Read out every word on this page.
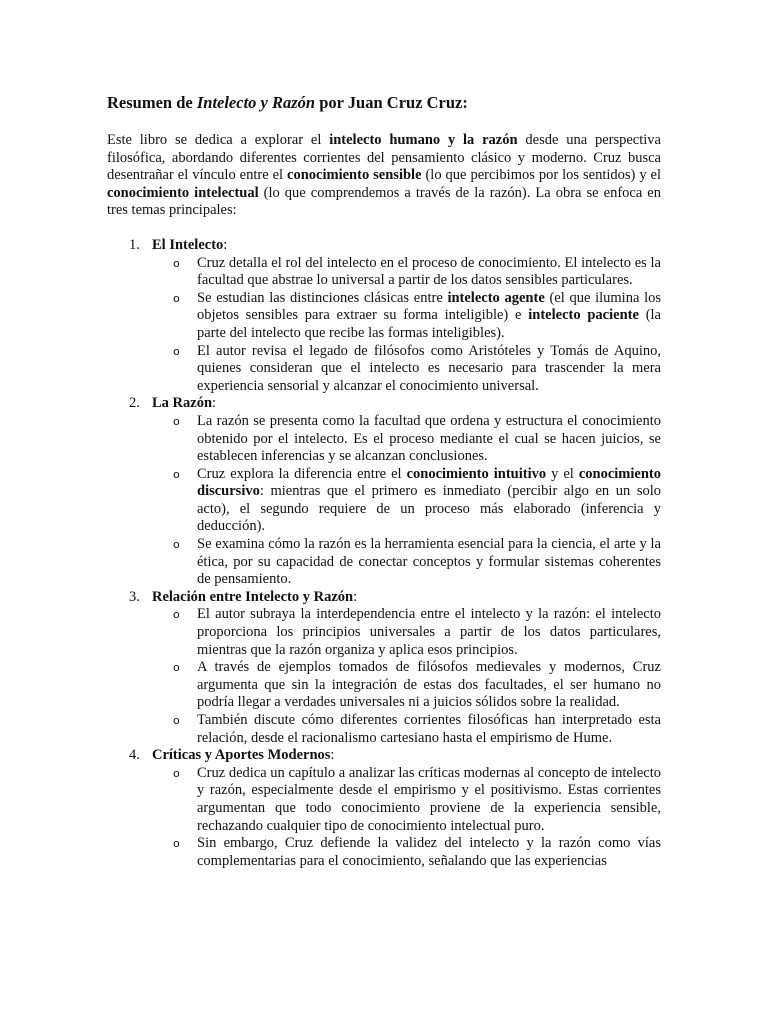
Resumen de Intelecto y Razón por Juan Cruz Cruz:

Este libro se dedica a explorar el intelecto humano y la razón desde una perspectiva filosófica, abordando diferentes corrientes del pensamiento clásico y moderno. Cruz busca desentrañar el vínculo entre el conocimiento sensible (lo que percibimos por los sentidos) y el conocimiento intelectual (lo que comprendemos a través de la razón). La obra se enfoca en tres temas principales:

1. El Intelecto:
o Cruz detalla el rol del intelecto en el proceso de conocimiento. El intelecto es la facultad que abstrae lo universal a partir de los datos sensibles particulares.
o Se estudian las distinciones clásicas entre intelecto agente (el que ilumina los objetos sensibles para extraer su forma inteligible) e intelecto paciente (la parte del intelecto que recibe las formas inteligibles).
o El autor revisa el legado de filósofos como Aristóteles y Tomás de Aquino, quienes consideran que el intelecto es necesario para trascender la mera experiencia sensorial y alcanzar el conocimiento universal.
2. La Razón:
o La razón se presenta como la facultad que ordena y estructura el conocimiento obtenido por el intelecto. Es el proceso mediante el cual se hacen juicios, se establecen inferencias y se alcanzan conclusiones.
o Cruz explora la diferencia entre el conocimiento intuitivo y el conocimiento discursivo: mientras que el primero es inmediato (percibir algo en un solo acto), el segundo requiere de un proceso más elaborado (inferencia y deducción).
o Se examina cómo la razón es la herramienta esencial para la ciencia, el arte y la ética, por su capacidad de conectar conceptos y formular sistemas coherentes de pensamiento.
3. Relación entre Intelecto y Razón:
o El autor subraya la interdependencia entre el intelecto y la razón: el intelecto proporciona los principios universales a partir de los datos particulares, mientras que la razón organiza y aplica esos principios.
o A través de ejemplos tomados de filósofos medievales y modernos, Cruz argumenta que sin la integración de estas dos facultades, el ser humano no podría llegar a verdades universales ni a juicios sólidos sobre la realidad.
o También discute cómo diferentes corrientes filosóficas han interpretado esta relación, desde el racionalismo cartesiano hasta el empirismo de Hume.
4. Críticas y Aportes Modernos:
o Cruz dedica un capítulo a analizar las críticas modernas al concepto de intelecto y razón, especialmente desde el empirismo y el positivismo. Estas corrientes argumentan que todo conocimiento proviene de la experiencia sensible, rechazando cualquier tipo de conocimiento intelectual puro.
o Sin embargo, Cruz defiende la validez del intelecto y la razón como vías complementarias para el conocimiento, señalando que las experiencias
